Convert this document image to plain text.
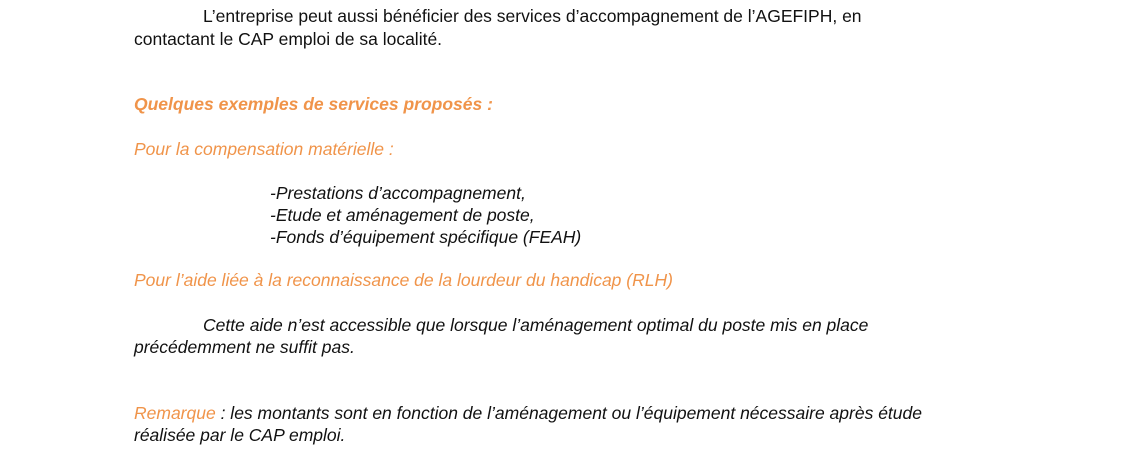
L’entreprise peut aussi bénéficier des services d’accompagnement de l’AGEFIPH, en
contactant le CAP emploi de sa localité.
Quelques exemples de services proposés :
Pour la compensation matérielle :
-Prestations d’accompagnement,
-Etude et aménagement de poste,
-Fonds d’équipement spécifique (FEAH)
Pour l’aide liée à la reconnaissance de la lourdeur du handicap (RLH)
Cette aide n’est accessible que lorsque l’aménagement optimal du poste mis en place
précédemment ne suffit pas.
Remarque : les montants sont en fonction de l’aménagement ou l’équipement nécessaire après étude
réalisée par le CAP emploi.
